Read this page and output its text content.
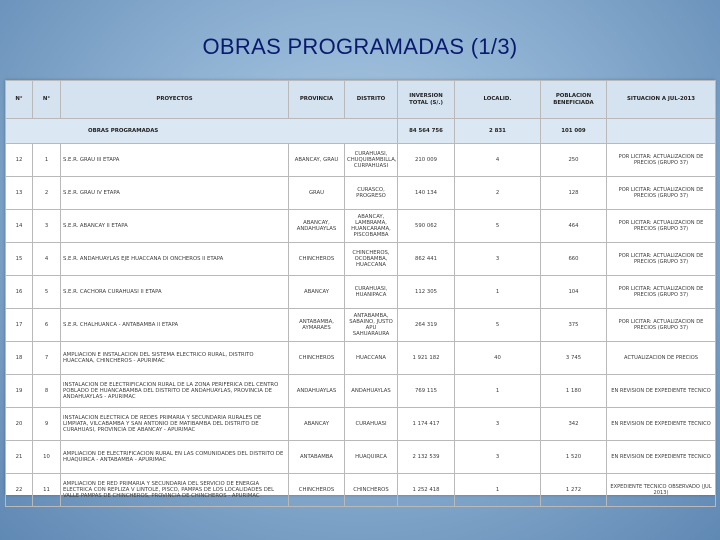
OBRAS PROGRAMADAS (1/3)
N°	N°	PROYECTOS	PROVINCIA	DISTRITO	INVERSION TOTAL (S/.)	LOCALID.	POBLACION BENEFICIADA	SITUACION A JUL-2013
OBRAS PROGRAMADAS					84 564 756	2 831	101 009	
12	1	S.E.R. GRAU III ETAPA	ABANCAY, GRAU	CURAHUASI, CHUQUIBAMBILLA, CURPAHUASI	210 009	4	250	POR LICITAR: ACTUALIZACION DE PRECIOS (GRUPO 37)
13	2	S.E.R. GRAU IV ETAPA	GRAU	CURASCO, PROGRESO	140 134	2	128	POR LICITAR: ACTUALIZACION DE PRECIOS (GRUPO 37)
14	3	S.E.R. ABANCAY II ETAPA	ABANCAY, ANDAHUAYLAS	ABANCAY, LAMBRAMA, HUANCARAMA, PISCOBAMBA	590 062	5	464	POR LICITAR: ACTUALIZACION DE PRECIOS (GRUPO 37)
15	4	S.E.R. ANDAHUAYLAS EJE HUACCANA DI ONCHEROS II ETAPA	CHINCHEROS	CHINCHEROS, OCOBAMBA, HUACCANA	862 441	3	660	POR LICITAR: ACTUALIZACION DE PRECIOS (GRUPO 37)
16	5	S.E.R. CACHORA CURAHUASI II ETAPA	ABANCAY	CURAHUASI, HUANIPACA	112 305	1	104	POR LICITAR: ACTUALIZACION DE PRECIOS (GRUPO 37)
17	6	S.E.R. CHALHUANCA - ANTABAMBA II ETAPA	ANTABAMBA, AYMARAES	ANTABAMBA, SABAINO, JUSTO APU SAHUARAURA	264 319	5	375	POR LICITAR: ACTUALIZACION DE PRECIOS (GRUPO 37)
18	7	AMPLIACION E INSTALACION DEL SISTEMA ELECTRICO RURAL, DISTRITO HUACCANA, CHINCHEROS - APURIMAC	CHINCHEROS	HUACCANA	1 921 182	40	3 745	ACTUALIZACION DE PRECIOS
19	8	INSTALACION DE ELECTRIFICACION RURAL DE LA ZONA PERIFERICA DEL CENTRO POBLADO DE HUANCABAMBA DEL DISTRITO DE ANDAHUAYLAS, PROVINCIA DE ANDAHUAYLAS - APURIMAC	ANDAHUAYLAS	ANDAHUAYLAS	769 115	1	1 180	EN REVISION DE EXPEDIENTE TECNICO
20	9	INSTALACION ELECTRICA DE REDES PRIMARIA Y SECUNDARIA RURALES DE LIMPIATA, VILCABAMBA Y SAN ANTONIO DE MATIBAMBA DEL DISTRITO DE CURAHUASI, PROVINCIA DE ABANCAY - APURIMAC	ABANCAY	CURAHUASI	1 174 417	3	342	EN REVISION DE EXPEDIENTE TECNICO
21	10	AMPLIACION DE ELECTRIFICACION RURAL EN LAS COMUNIDADES DEL DISTRITO DE HUAQUIRCA - ANTABAMBA - APURIMAC	ANTABAMBA	HUAQUIRCA	2 132 539	3	1 520	EN REVISION DE EXPEDIENTE TECNICO
22	11	AMPLIACION DE RED PRIMARIA Y SECUNDARIA DEL SERVICIO DE ENERGIA ELECTRICA CON REPLIZA V LINTOLE, PISCO, PAMPAS DE LOS LOCALIDADES DEL VALLE PAMPAS DE CHINCHEROS, PROVINCIA DE CHINCHEROS - APURIMAC	CHINCHEROS	CHINCHEROS	1 252 418	1	1 272	EXPEDIENTE TECNICO OBSERVADO (JUL 2013)
